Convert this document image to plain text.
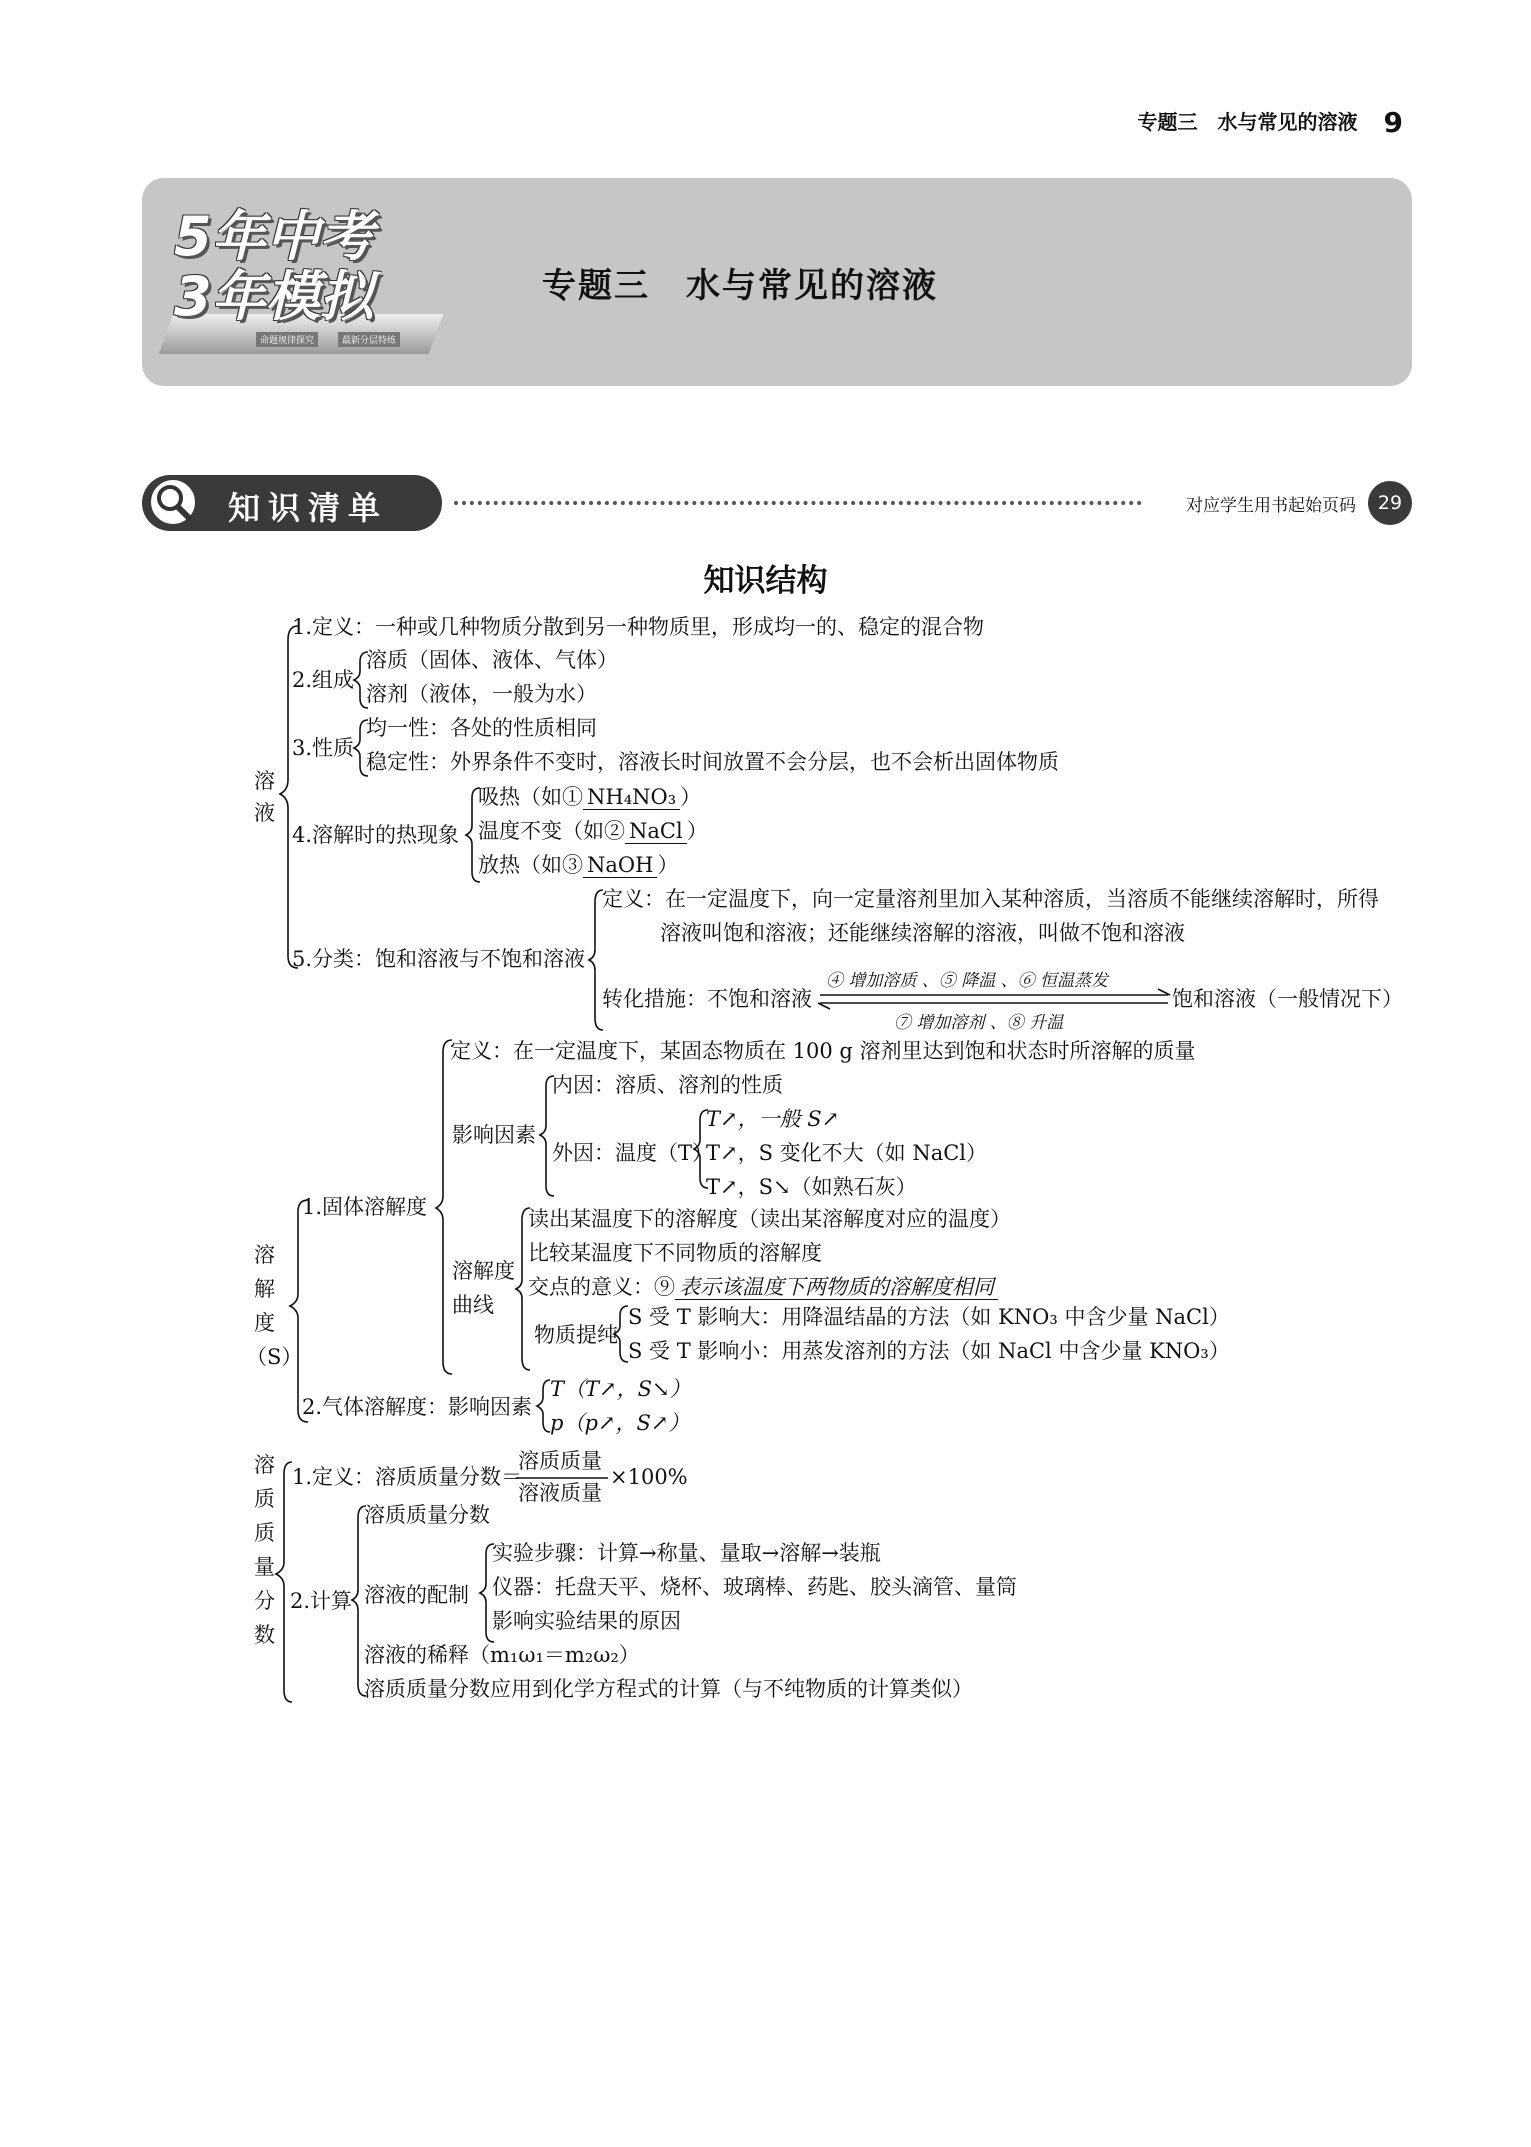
专题三　水与常见的溶液 9
5年中考
3年模拟
命题规律探究	最新分层特练
专题三　水与常见的溶液
知识清单	对应学生用书起始页码	29
知识结构
溶
液
1.定义：一种或几种物质分散到另一种物质里，形成均一的、稳定的混合物
2.组成
溶质（固体、液体、气体）
溶剂（液体，一般为水）
3.性质
均一性：各处的性质相同
稳定性：外界条件不变时，溶液长时间放置不会分层，也不会析出固体物质
4.溶解时的热现象
吸热（如① NH₄NO₃ ）
温度不变（如② NaCl ）
放热（如③ NaOH ）
5.分类：饱和溶液与不饱和溶液
定义：在一定温度下，向一定量溶剂里加入某种溶质，当溶质不能继续溶解时，所得
溶液叫饱和溶液；还能继续溶解的溶液，叫做不饱和溶液
转化措施：不饱和溶液
④ 增加溶质 、⑤ 降温 、⑥ 恒温蒸发
⑦ 增加溶剂 、⑧ 升温
饱和溶液（一般情况下）
溶
解
度
（S）
1.固体溶解度
定义：在一定温度下，某固态物质在 100 g 溶剂里达到饱和状态时所溶解的质量
影响因素
内因：溶质、溶剂的性质
外因：温度（T）
T↗，一般 S↗
T↗，S 变化不大（如 NaCl）
T↗，S↘（如熟石灰）
溶解度
曲线
读出某温度下的溶解度（读出某溶解度对应的温度）
比较某温度下不同物质的溶解度
交点的意义：⑨ 表示该温度下两物质的溶解度相同
物质提纯
S 受 T 影响大：用降温结晶的方法（如 KNO₃ 中含少量 NaCl）
S 受 T 影响小：用蒸发溶剂的方法（如 NaCl 中含少量 KNO₃）
2.气体溶解度：影响因素
T（T↗，S↘）
p（p↗，S↗）
溶
质
质
量
分
数
1.定义：溶质质量分数＝
溶质质量
溶液质量
×100%
2.计算
溶质质量分数
溶液的配制
实验步骤：计算→称量、量取→溶解→装瓶
仪器：托盘天平、烧杯、玻璃棒、药匙、胶头滴管、量筒
影响实验结果的原因
溶液的稀释（m₁ω₁＝m₂ω₂）
溶质质量分数应用到化学方程式的计算（与不纯物质的计算类似）
